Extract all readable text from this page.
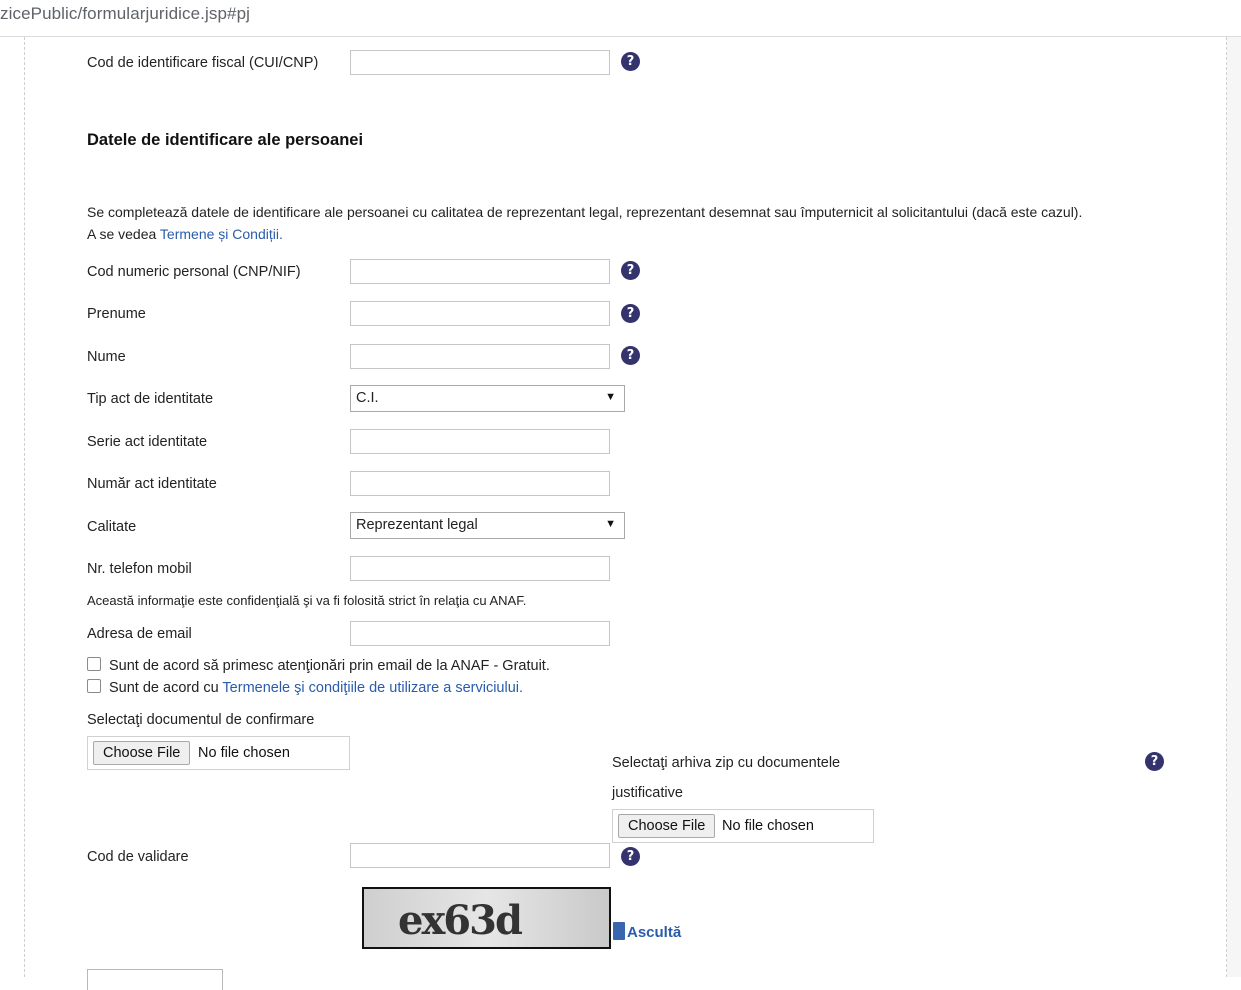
zicePublic/formularjuridice.jsp#pj
Cod de identificare fiscal (CUI/CNP)	?
Datele de identificare ale persoanei
Se completează datele de identificare ale persoanei cu calitatea de reprezentant legal, reprezentant desemnat sau împuternicit al solicitantului (dacă este cazul).
A se vedea Termene și Condiții.
Cod numeric personal (CNP/NIF)	?
Prenume	?
Nume	?
Tip act de identitate	C.I.	▼
Serie act identitate
Număr act identitate
Calitate	Reprezentant legal	▼
Nr. telefon mobil
Această informaţie este confidenţială şi va fi folosită strict în relaţia cu ANAF.
Adresa de email
Sunt de acord să primesc atenţionări prin email de la ANAF - Gratuit.
Sunt de acord cu Termenele şi condiţiile de utilizare a serviciului.
Selectaţi documentul de confirmare
Choose File	No file chosen
Selectaţi arhiva zip cu documentele
justificative
?
Choose File	No file chosen
Cod de validare	?
ex63d	Ascultă
